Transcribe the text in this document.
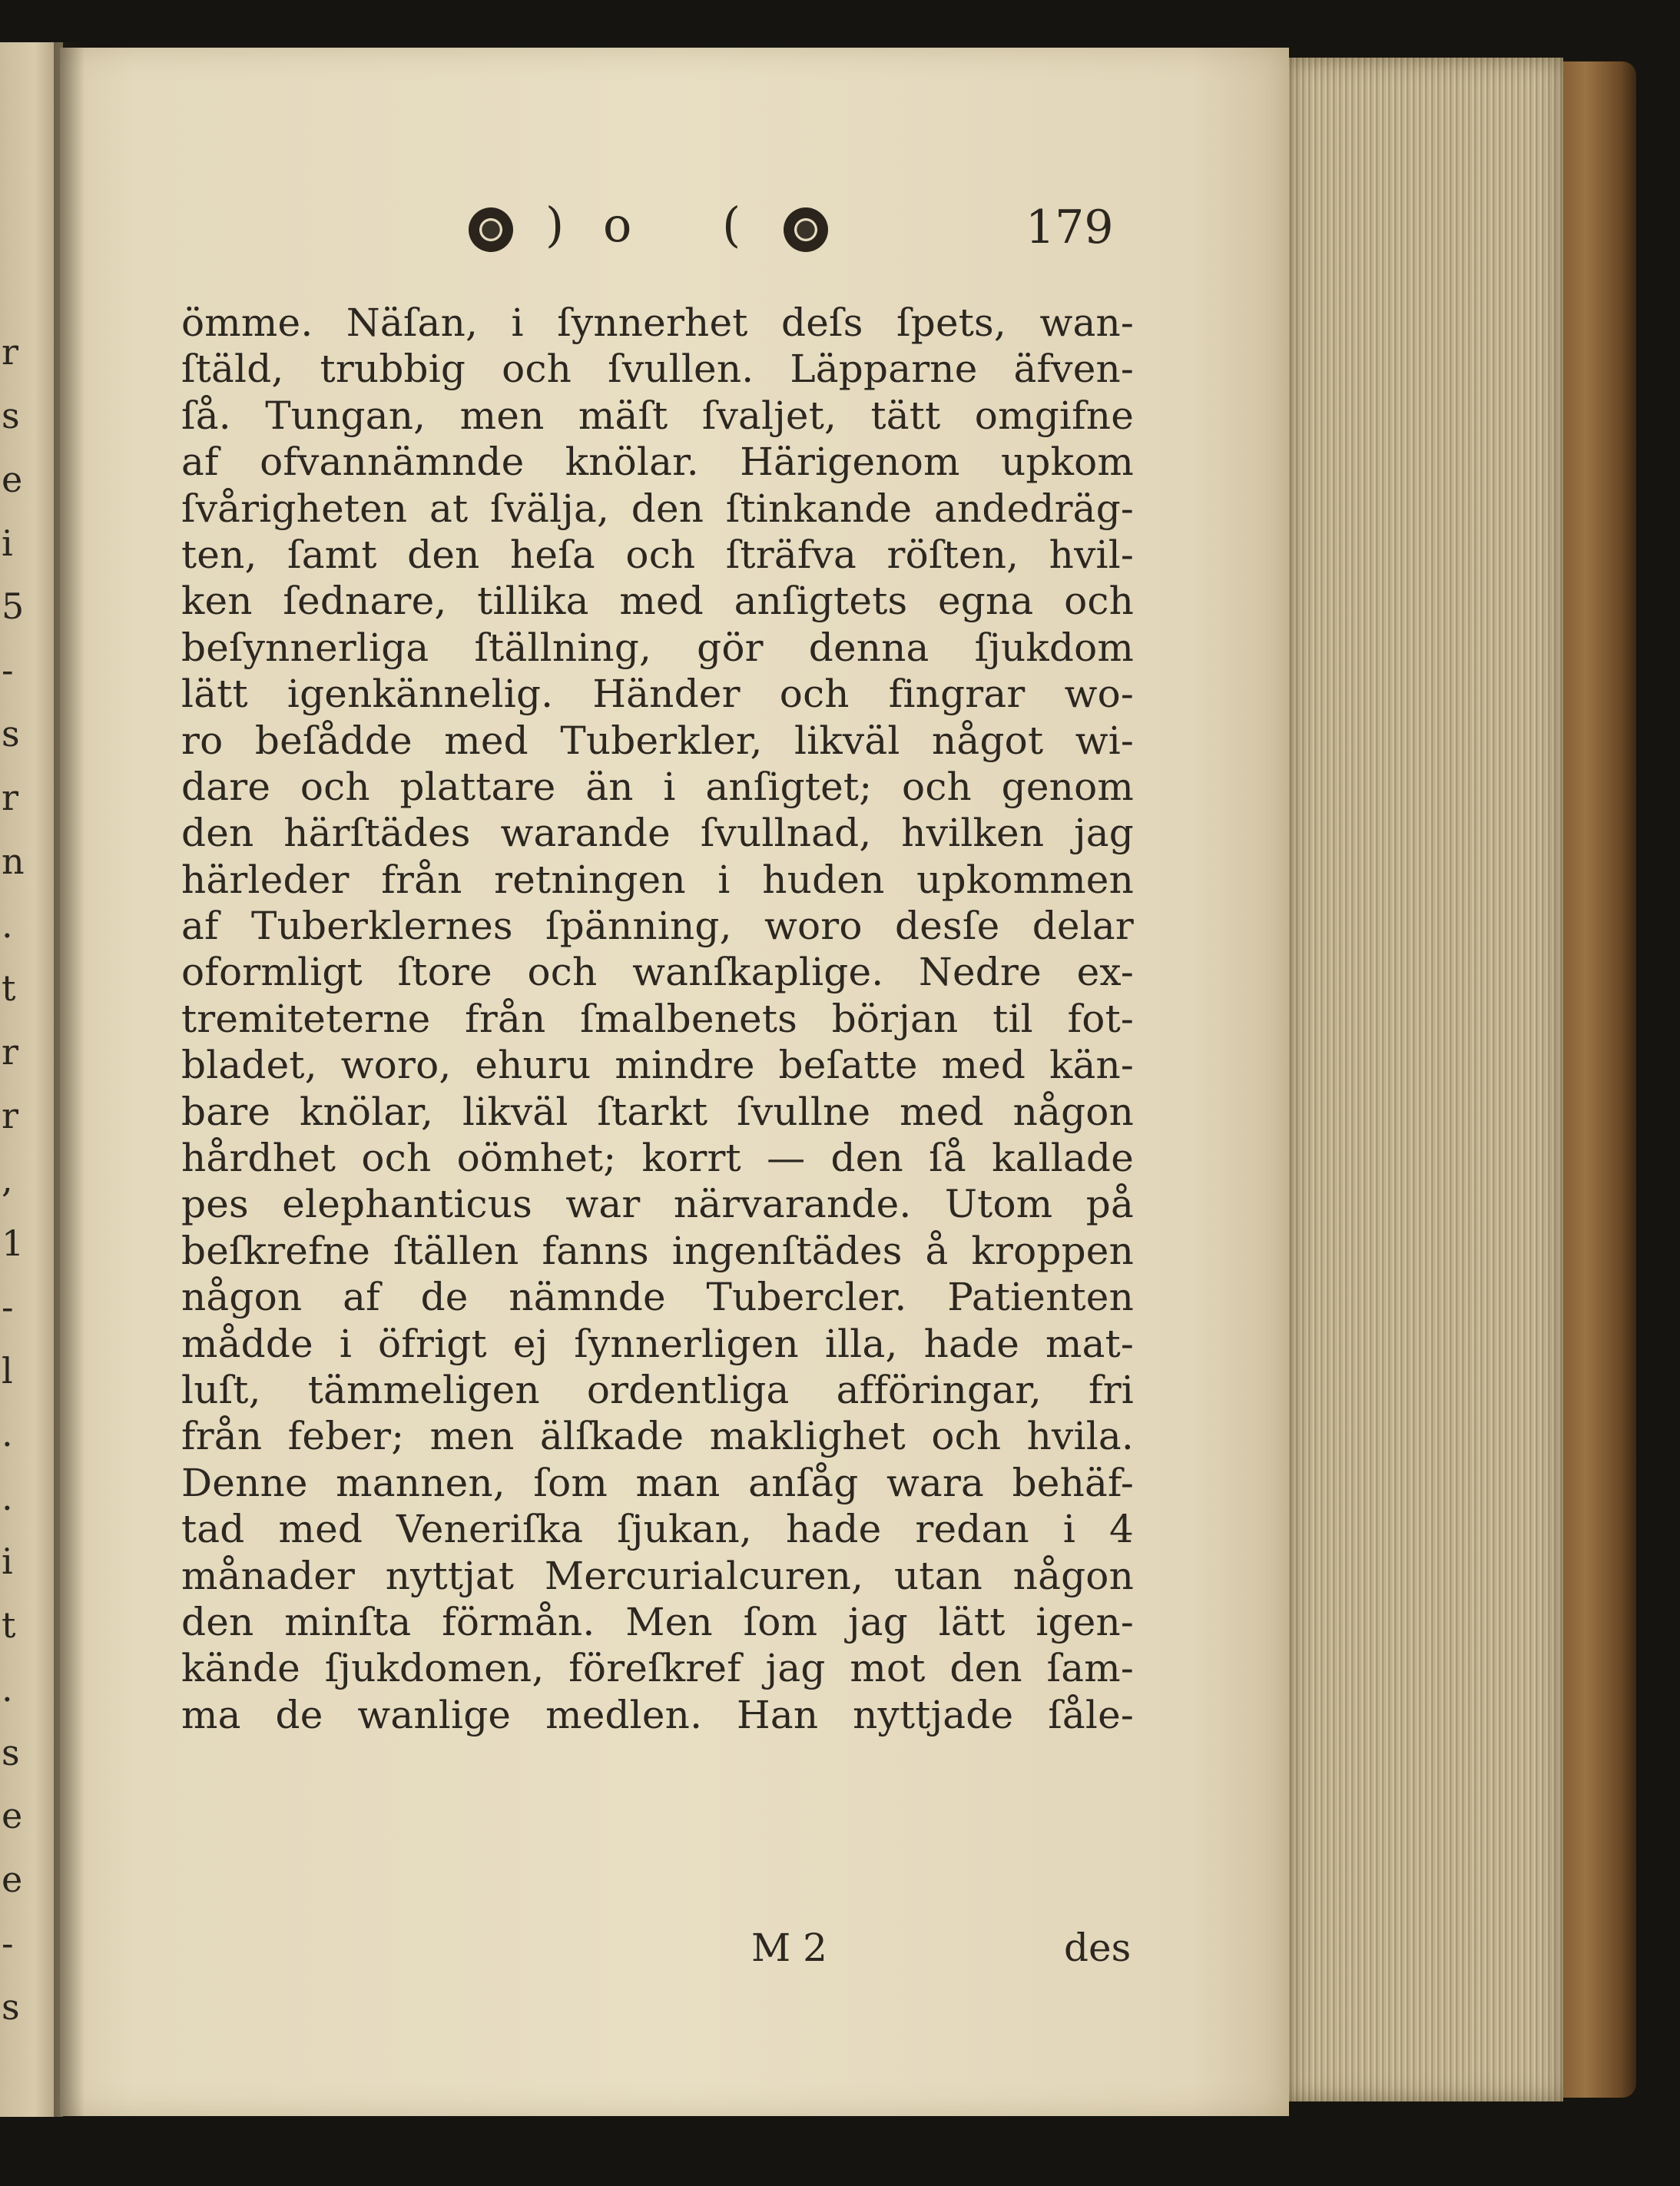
r
s
e
i
5
-
s
r
n
.
t
r
r
,
1
-
l
.
.
i
t
.
s
e
e
-
s
) o (	179
ömme. Näſan, i ſynnerhet deſs ſpets, wan-
ſtäld, trubbig och ſvullen. Läpparne äfven-
ſå. Tungan, men mäſt ſvaljet, tätt omgifne
af ofvannämnde knölar. Härigenom upkom
ſvårigheten at ſvälja, den ſtinkande andedräg-
ten, ſamt den heſa och ſträfva röſten, hvil-
ken ſednare, tillika med anſigtets egna och
beſynnerliga ſtällning, gör denna ſjukdom
lätt igenkännelig. Händer och fingrar wo-
ro beſådde med Tuberkler, likväl något wi-
dare och plattare än i anſigtet; och genom
den härſtädes warande ſvullnad, hvilken jag
härleder från retningen i huden upkommen
af Tuberklernes ſpänning, woro desſe delar
oformligt ſtore och wanſkaplige. Nedre ex-
tremiteterne från ſmalbenets början til fot-
bladet, woro, ehuru mindre beſatte med kän-
bare knölar, likväl ſtarkt ſvullne med någon
hårdhet och oömhet; korrt — den ſå kallade
pes elephanticus war närvarande. Utom på
beſkrefne ſtällen fanns ingenſtädes å kroppen
någon af de nämnde Tubercler. Patienten
mådde i öfrigt ej ſynnerligen illa, hade mat-
luſt, tämmeligen ordentliga afföringar, fri
från feber; men älſkade maklighet och hvila.
Denne mannen, ſom man anſåg wara behäf-
tad med Veneriſka ſjukan, hade redan i 4
månader nyttjat Mercurialcuren, utan någon
den minſta förmån. Men ſom jag lätt igen-
kände ſjukdomen, föreſkref jag mot den ſam-
ma de wanlige medlen. Han nyttjade ſåle-
M 2	des
